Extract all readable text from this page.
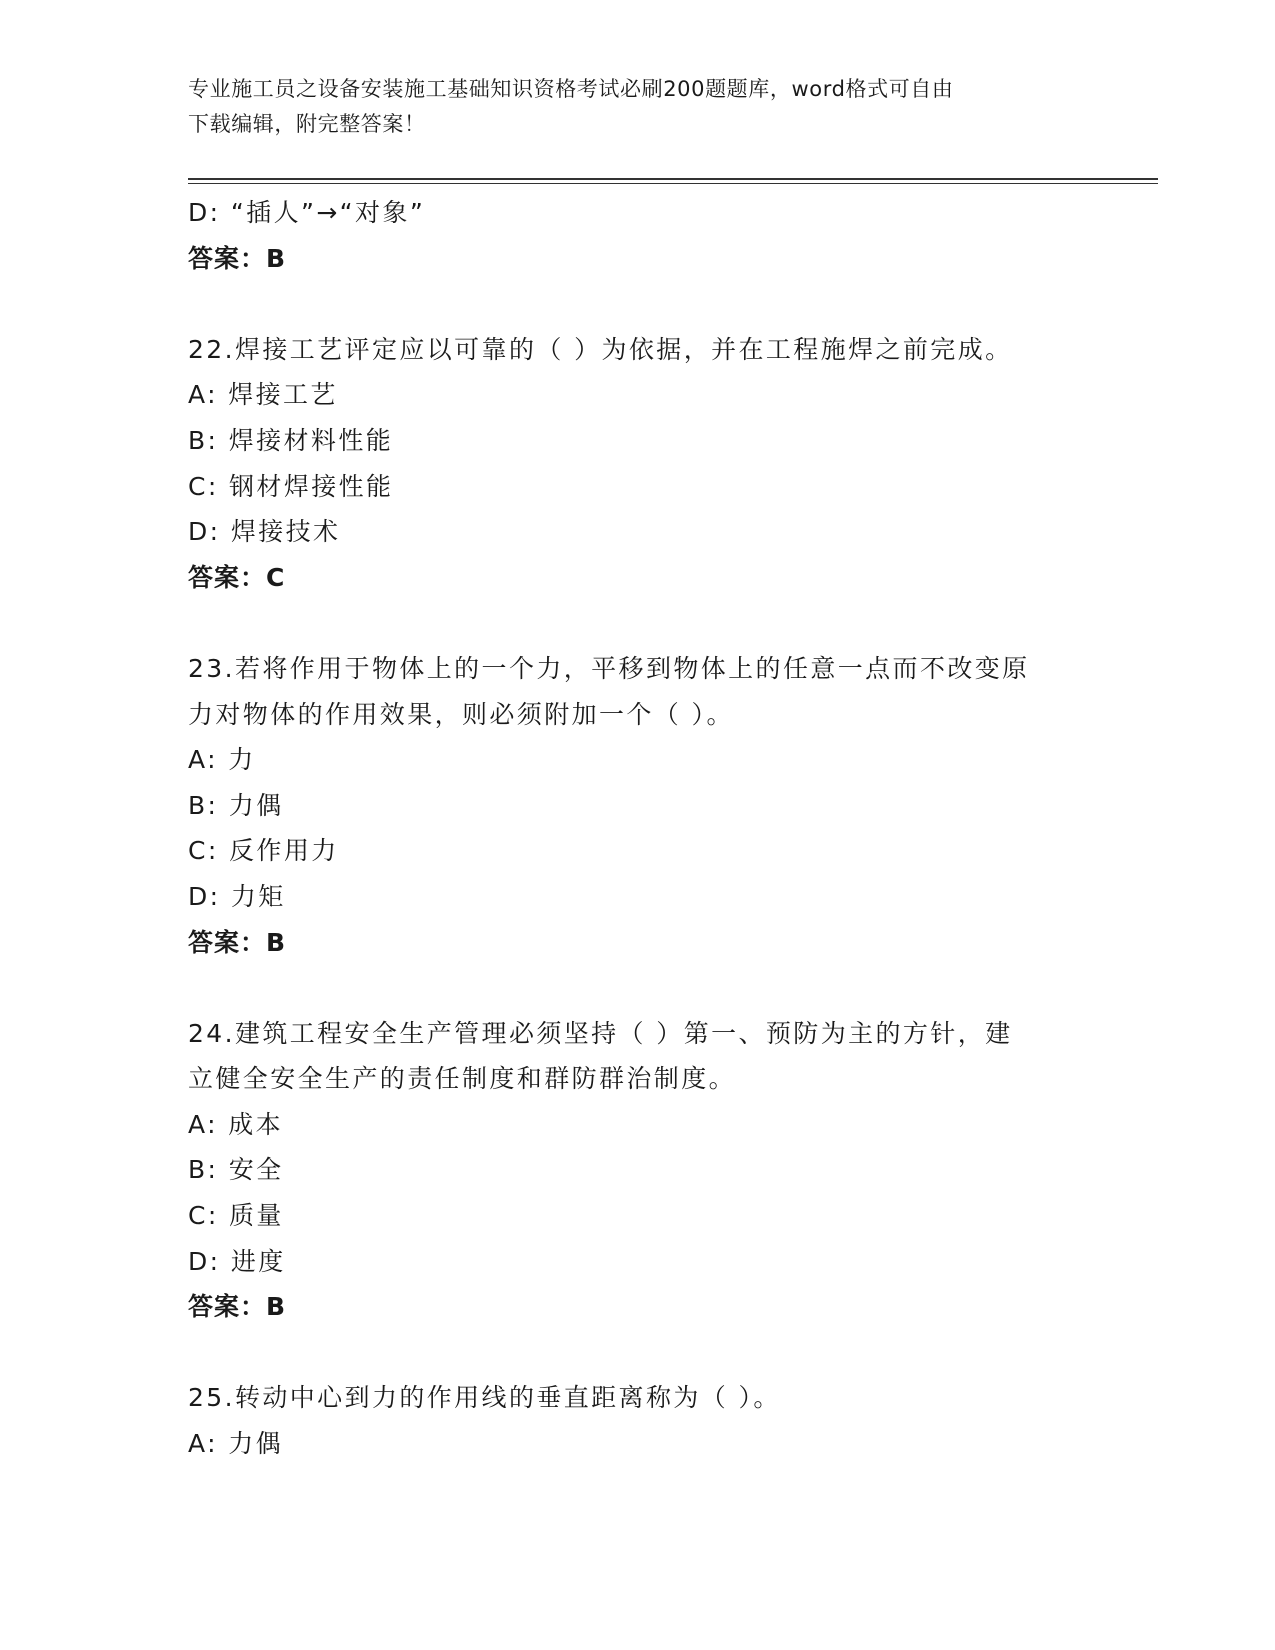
专业施工员之设备安装施工基础知识资格考试必刷200题题库，word格式可自由
下载编辑，附完整答案！
D: “插人”→“对象”
答案：B
22.焊接工艺评定应以可靠的（ ）为依据，并在工程施焊之前完成。
A: 焊接工艺
B: 焊接材料性能
C: 钢材焊接性能
D: 焊接技术
答案：C
23.若将作用于物体上的一个力，平移到物体上的任意一点而不改变原
力对物体的作用效果，则必须附加一个（ ）。
A: 力
B: 力偶
C: 反作用力
D: 力矩
答案：B
24.建筑工程安全生产管理必须坚持（ ）第一、预防为主的方针，建
立健全安全生产的责任制度和群防群治制度。
A: 成本
B: 安全
C: 质量
D: 进度
答案：B
25.转动中心到力的作用线的垂直距离称为（ ）。
A: 力偶
